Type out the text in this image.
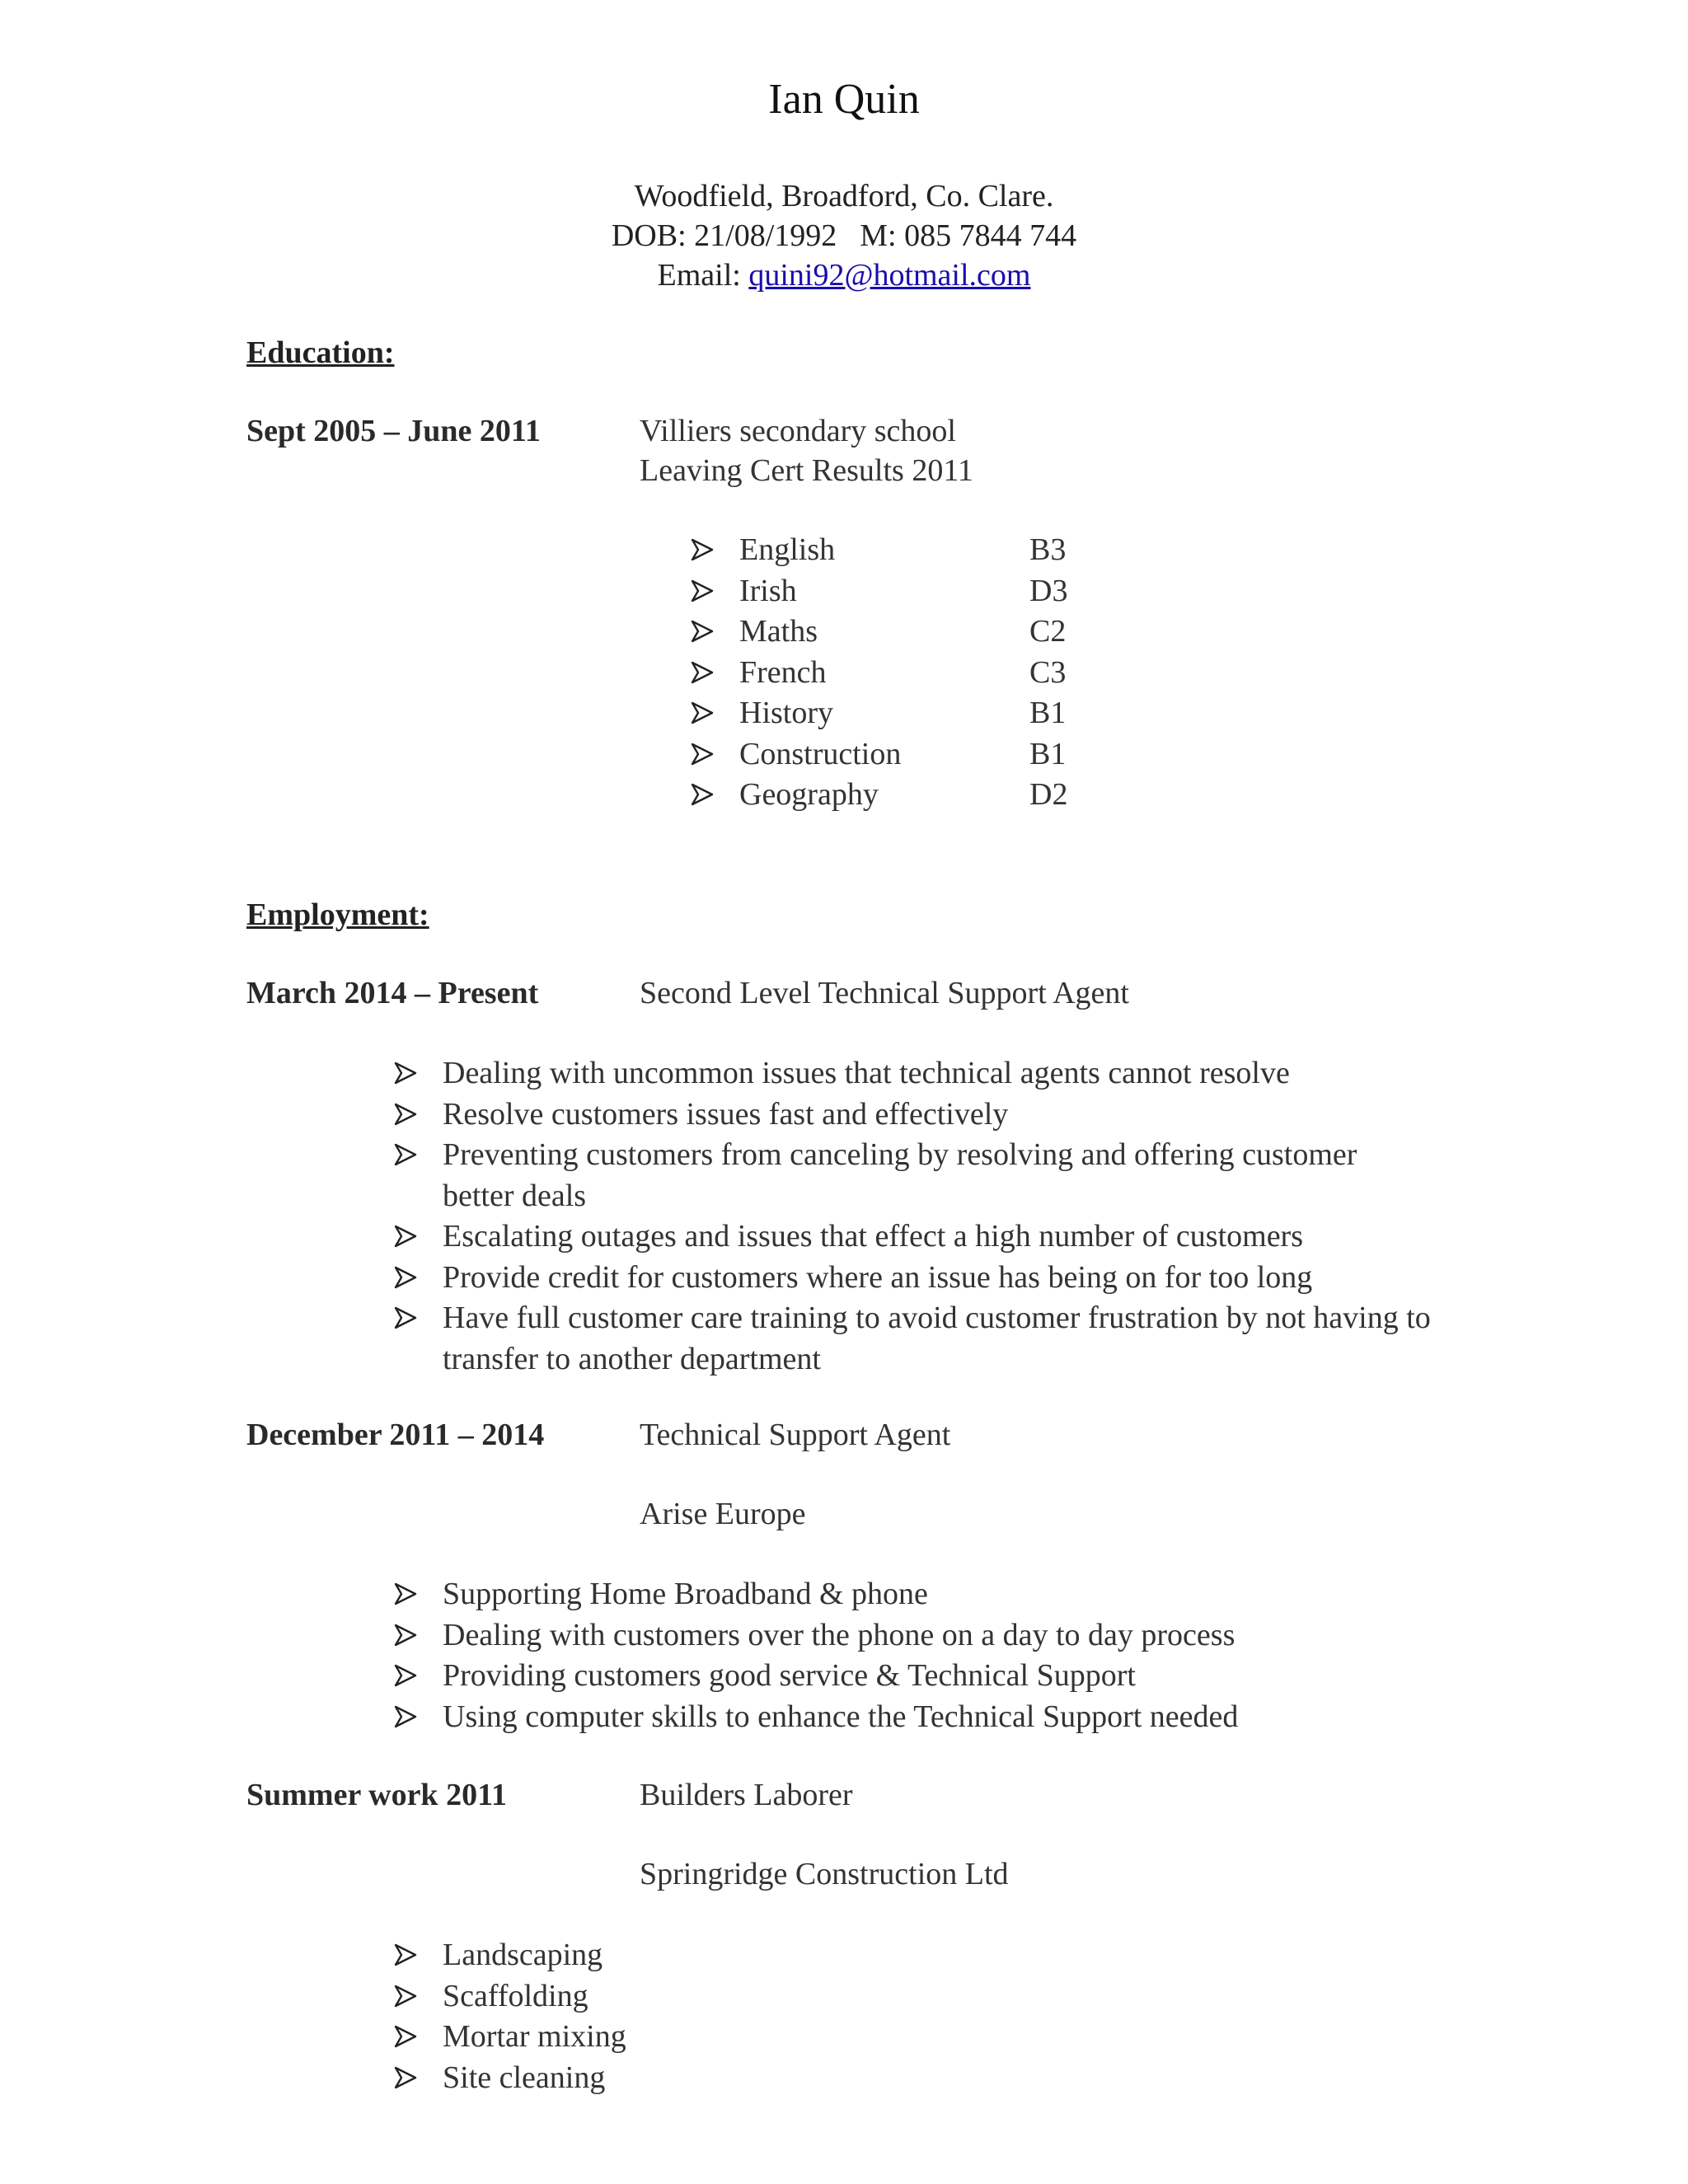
Ian Quin
Woodfield, Broadford, Co. Clare.
DOB: 21/08/1992 M: 085 7844 744
Email: quini92@hotmail.com
Education:
Sept 2005 – June 2011	Villiers secondary school
Leaving Cert Results 2011
English	B3
Irish	D3
Maths	C2
French	C3
History	B1
Construction	B1
Geography	D2
Employment:
March 2014 – Present	Second Level Technical Support Agent
Dealing with uncommon issues that technical agents cannot resolve
Resolve customers issues fast and effectively
Preventing customers from canceling by resolving and offering customer better deals
Escalating outages and issues that effect a high number of customers
Provide credit for customers where an issue has being on for too long
Have full customer care training to avoid customer frustration by not having to transfer to another department
December 2011 – 2014	Technical Support Agent
Arise Europe
Supporting Home Broadband & phone
Dealing with customers over the phone on a day to day process
Providing customers good service & Technical Support
Using computer skills to enhance the Technical Support needed
Summer work 2011	Builders Laborer
Springridge Construction Ltd
Landscaping
Scaffolding
Mortar mixing
Site cleaning
